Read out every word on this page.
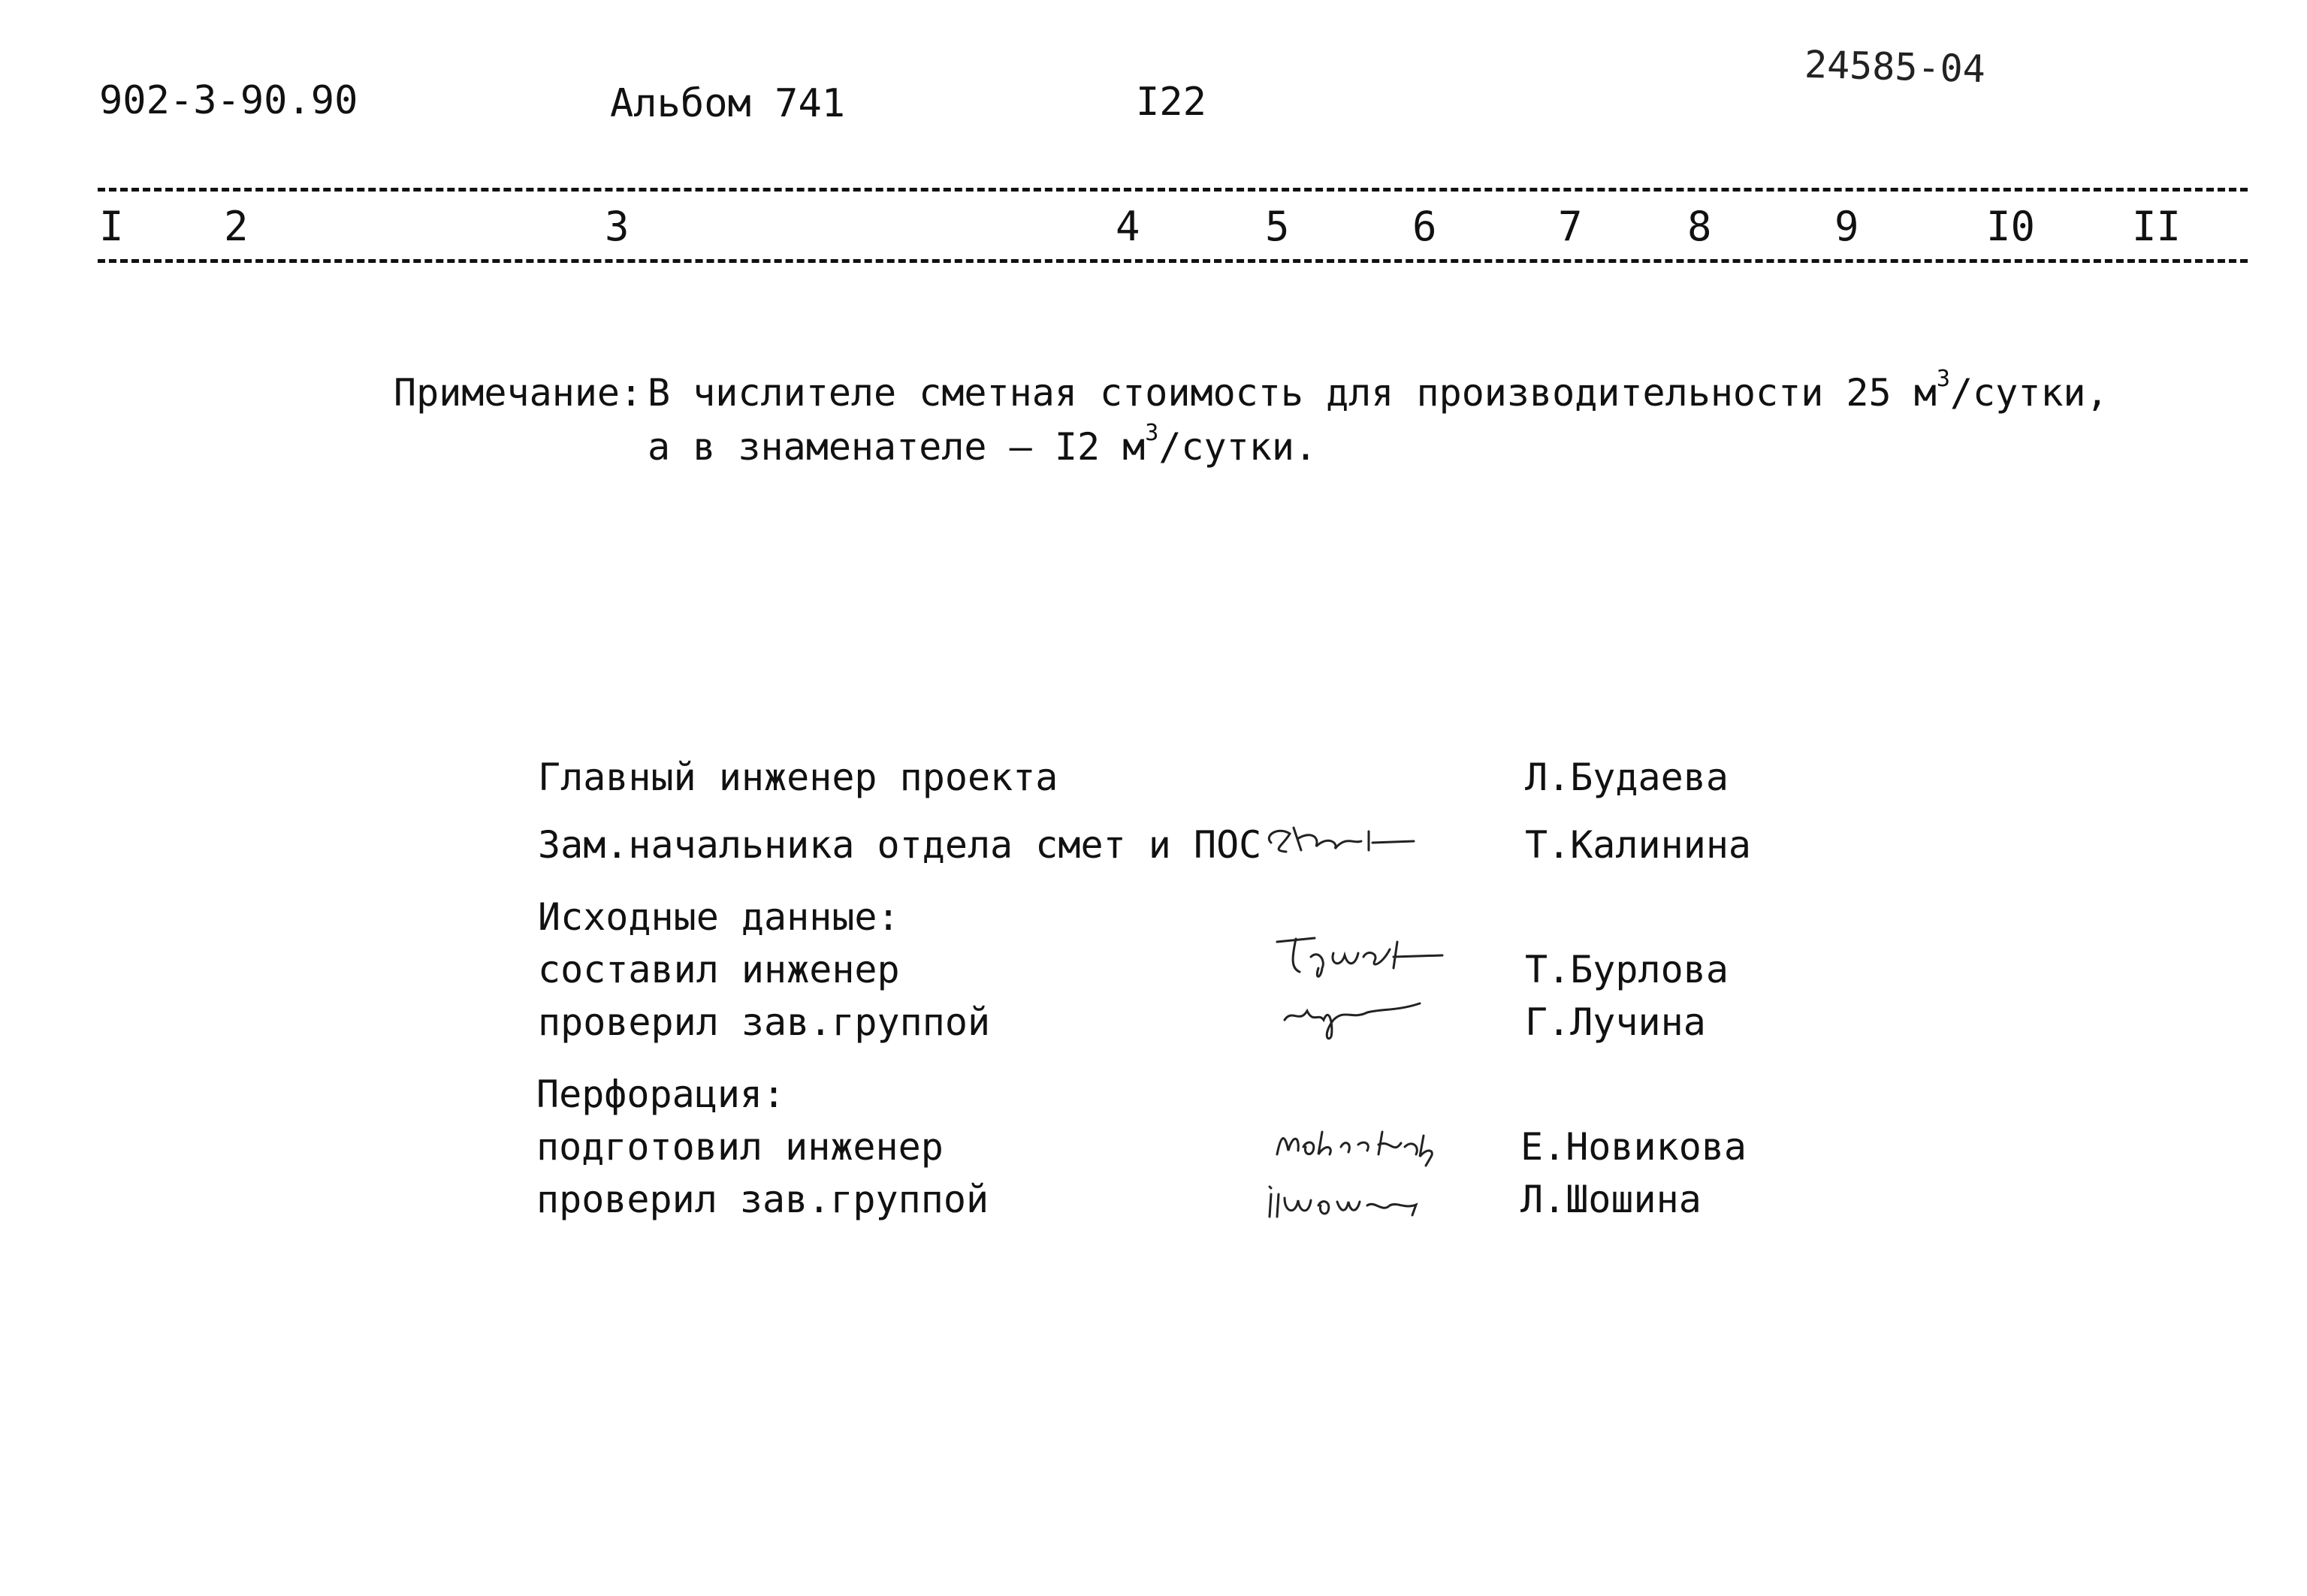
902-3-90.90	Альбом 741	I22
24585-04
I 2	3	4	5	6	7	8	9	I0 II
Примечание: В числителе сметная стоимость для производительности 25 $м^3$/сутки,
а в знаменателе – I2 $м^3$/сутки.
Главный инженер проекта	Л.Будаева
Зам.начальника отдела смет и ПОС	Т.Калинина
Исходные данные:
составил инженер	Т.Бурлова
проверил зав.группой	Г.Лучина
Перфорация:
подготовил инженер	Е.Новикова
проверил зав.группой	Л.Шошина
